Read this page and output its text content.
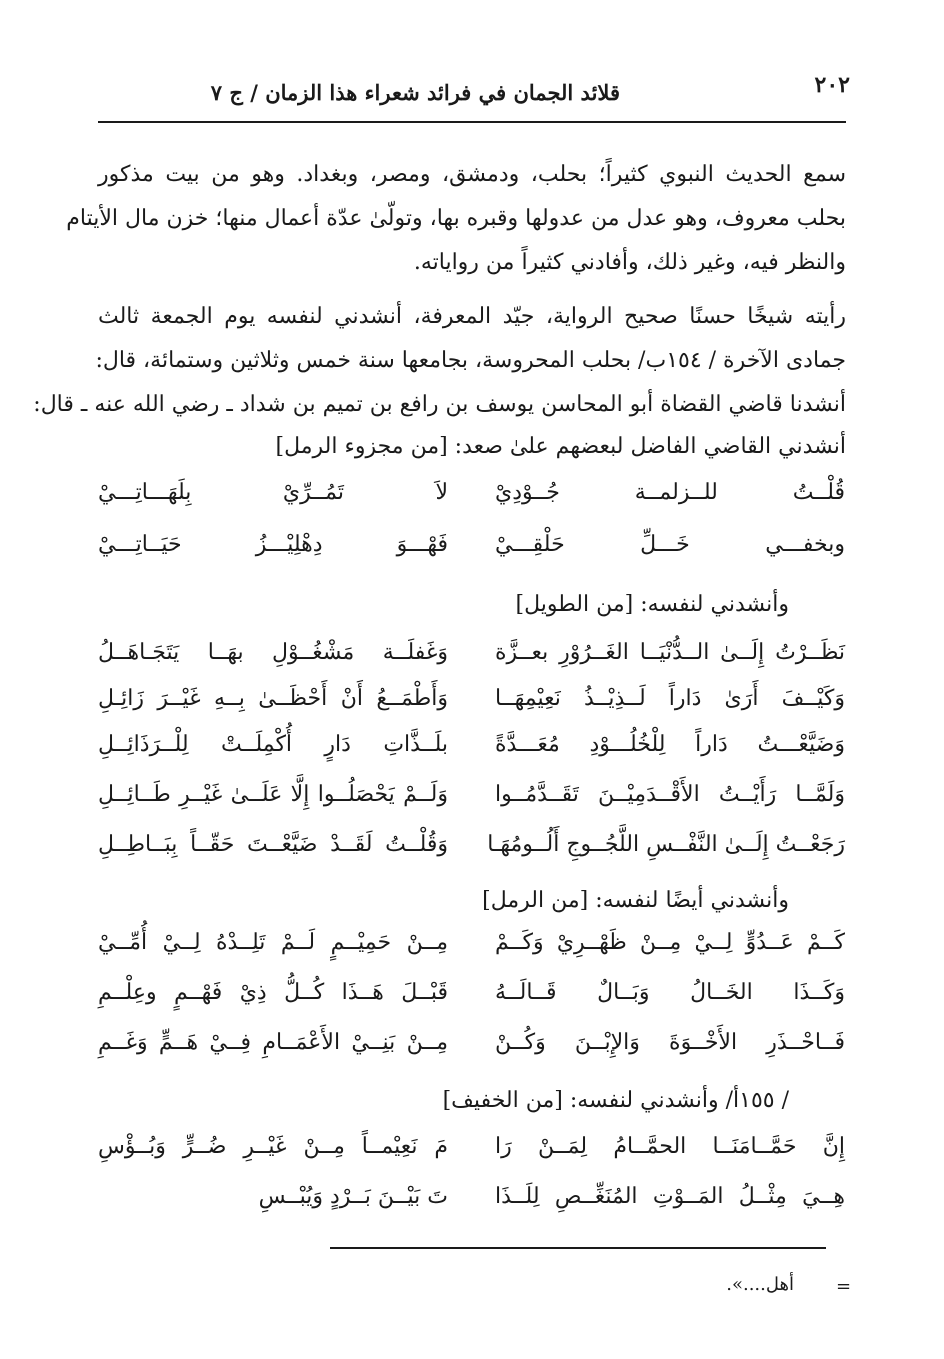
٢٠٢
قلائد الجمان في فرائد شعراء هذا الزمان / ج ٧
سمع الحديث النبوي كثيراً؛ بحلب، ودمشق، ومصر، وبغداد. وهو من بيت مذكور
بحلب معروف، وهو عدل من عدولها وقبره بها، وتولّىٰ عدّة أعمال منها؛ خزن مال الأيتام
والنظر فيه، وغير ذلك، وأفادني كثيراً من رواياته.
رأيته شيخًا حسنًا صحيح الرواية، جيّد المعرفة، أنشدني لنفسه يوم الجمعة ثالث
جمادى الآخرة / ١٥٤ب/ بحلب المحروسة، بجامعها سنة خمس وثلاثين وستمائة، قال:
أنشدنا قاضي القضاة أبو المحاسن يوسف بن رافع بن تميم بن شداد ـ رضي الله عنه ـ قال:
أنشدني القاضي الفاضل لبعضهم علىٰ صعد: [من مجزوء الرمل]
قُلْــتُ للــزلمــة جُــوْدِيْ
لاَ تَمُــرِّيْ بِلَهَـــاتِـــيْ
وبخفـــي خَـــلِّ حَلْقِـــيْ
فَهْـــوَ دِهْلِيْـــزُ حَيَــاتِـــيْ
وأنشدني لنفسه: [من الطويل]
نَظَــرْتُ إِلَــىٰ الــدُّنْيَــا الغَــرُوْرِ بعــزَّة
وَغَفلَــة مَشْغُــوْلِ بهَــا يَتَجَـاهَــلُ
وَكَيْــفَ أَرَىٰ دَاراً لَــذِيْــذُ نَعِيْمِهَــا
وَأَطْمَــعُ أَنْ أَحْظَــىٰ بِــهِ غَيْــرَ زَائِـلِ
وَضَيَّعْـــتُ دَاراً لِلْخُلُـــوْدِ مُعَـــدَّةً
بلَــذَّاتِ دَارٍ أُكْمِلَــتْ لِلْــرَذَائِــلِ
وَلَمَّــا رَأَيْــتُ الأَقْــدَمِيْــنَ تَقَــدَّمُــوا
وَلَــمْ يَحْصَلُــوا إِلَّا عَلَــىٰ غَيْــرِ طَــائِــلِ
رَجَعْــتُ إِلَــىٰ النَّفْــسِ اللَّجُــوجِ أَلُــومُهَـا
وَقُلْــتُ لَقَــدْ ضَيَّعْــتَ حَقّــاً بِبَــاطِــلِ
وأنشدني أيضًا لنفسه: [من الرمل]
كَــمْ عَــدُوٍّ لِــيْ مِــنْ ظَهْــرِيْ وَكَــمْ
مِــنْ حَمِيْــمٍ لَــمْ تَلِــدْهُ لِــيْ أُمِّــيْ
وَكَــذَا الخَــالُ وَبَــالٌ قَــالَــهُ
قَبْــلَ هَــذَا كُــلُّ ذِيْ فَهْــمٍ وعِلْــمِ
فَــاحْــذَرِ الأَخْــوَةَ وَالإِبْــنَ وَكُــنْ
مِــنْ بَنِــيْ الأَعْمَــامِ فِــيْ هَــمٍّ وَغَــمِ
/ ١٥٥أ/ وأنشدني لنفسه: [من الخفيف]
إِنَّ حَمَّــامَنَــا الحمَّــامُ لِمَــنْ رَا
مَ نَعِيْمــاً مِــنْ غَيْــرِ ضُــرٍّ وَبُــؤْسِ
هِــيَ مِثْــلُ المَــوْتِ المُنَغِّــصِ لِلَــذَا
تَ بَيْــنَ بَــرْدٍ وَيُبْــسِ
=
أهل....».
